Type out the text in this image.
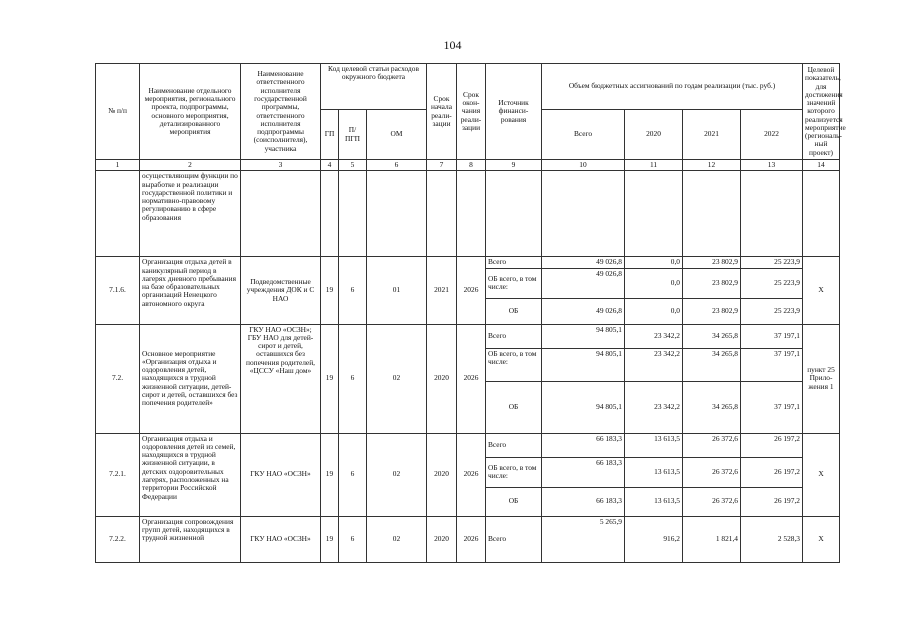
104
№ п/п	Наименование отдельного мероприятия, регионального проекта, подпрограммы, основного мероприятия, детализированного мероприятия	Наименование ответственного исполнителя государственной программы, ответственного исполнителя подпрограммы (соисполнителя), участника	Код целевой статьи расходов окружного бюджета			Срок начала реализации	Срок окончания реализации	Источник финансирования	Объем бюджетных ассигнований по годам реализации (тыс. руб.)				Целевой показатель, для достижения значений которого реализуется мероприятие (региональный проект)
			ГП	П/ ПГП	ОМ				Всего	2020	2021	2022	
1	2	3	4	5	6	7	8	9	10	11	12	13	14
	осуществляющим функции по выработке и реализации государственной политики и нормативно-правовому регулированию в сфере образования												
7.1.6.	Организация отдыха детей в каникулярный период в лагерях дневного пребывания на базе образовательных организаций Ненецкого автономного округа	Подведомственные учреждения ДОК и С НАО	19	6	01	2021	2026	Всего	49 026,8	0,0	23 802,9	25 223,9	Х
								ОБ всего, в том числе:	49 026,8	0,0	23 802,9	25 223,9	
								ОБ	49 026,8	0,0	23 802,9	25 223,9	
7.2.	Основное мероприятие «Организация отдыха и оздоровления детей, находящихся в трудной жизненной ситуации, детей-сирот и детей, оставшихся без попечения родителей»	ГКУ НАО «ОСЗН»; ГБУ НАО для детей-сирот и детей, оставшихся без попечения родителей, «ЦССУ «Наш дом»	19	6	02	2020	2026	Всего	94 805,1	23 342,2	34 265,8	37 197,1	пункт 25 Приложения 1
								ОБ всего, в том числе:	94 805,1	23 342,2	34 265,8	37 197,1	
								ОБ	94 805,1	23 342,2	34 265,8	37 197,1	
7.2.1.	Организация отдыха и оздоровления детей из семей, находящихся в трудной жизненной ситуации, в детских оздоровительных лагерях, расположенных на территории Российской Федерации	ГКУ НАО «ОСЗН»	19	6	02	2020	2026	Всего	66 183,3	13 613,5	26 372,6	26 197,2	Х
								ОБ всего, в том числе:	66 183,3	13 613,5	26 372,6	26 197,2	
								ОБ	66 183,3	13 613,5	26 372,6	26 197,2	
7.2.2.	Организация сопровождения групп детей, находящихся в трудной жизненной	ГКУ НАО «ОСЗН»	19	6	02	2020	2026	Всего	5 265,9	916,2	1 821,4	2 528,3	Х
